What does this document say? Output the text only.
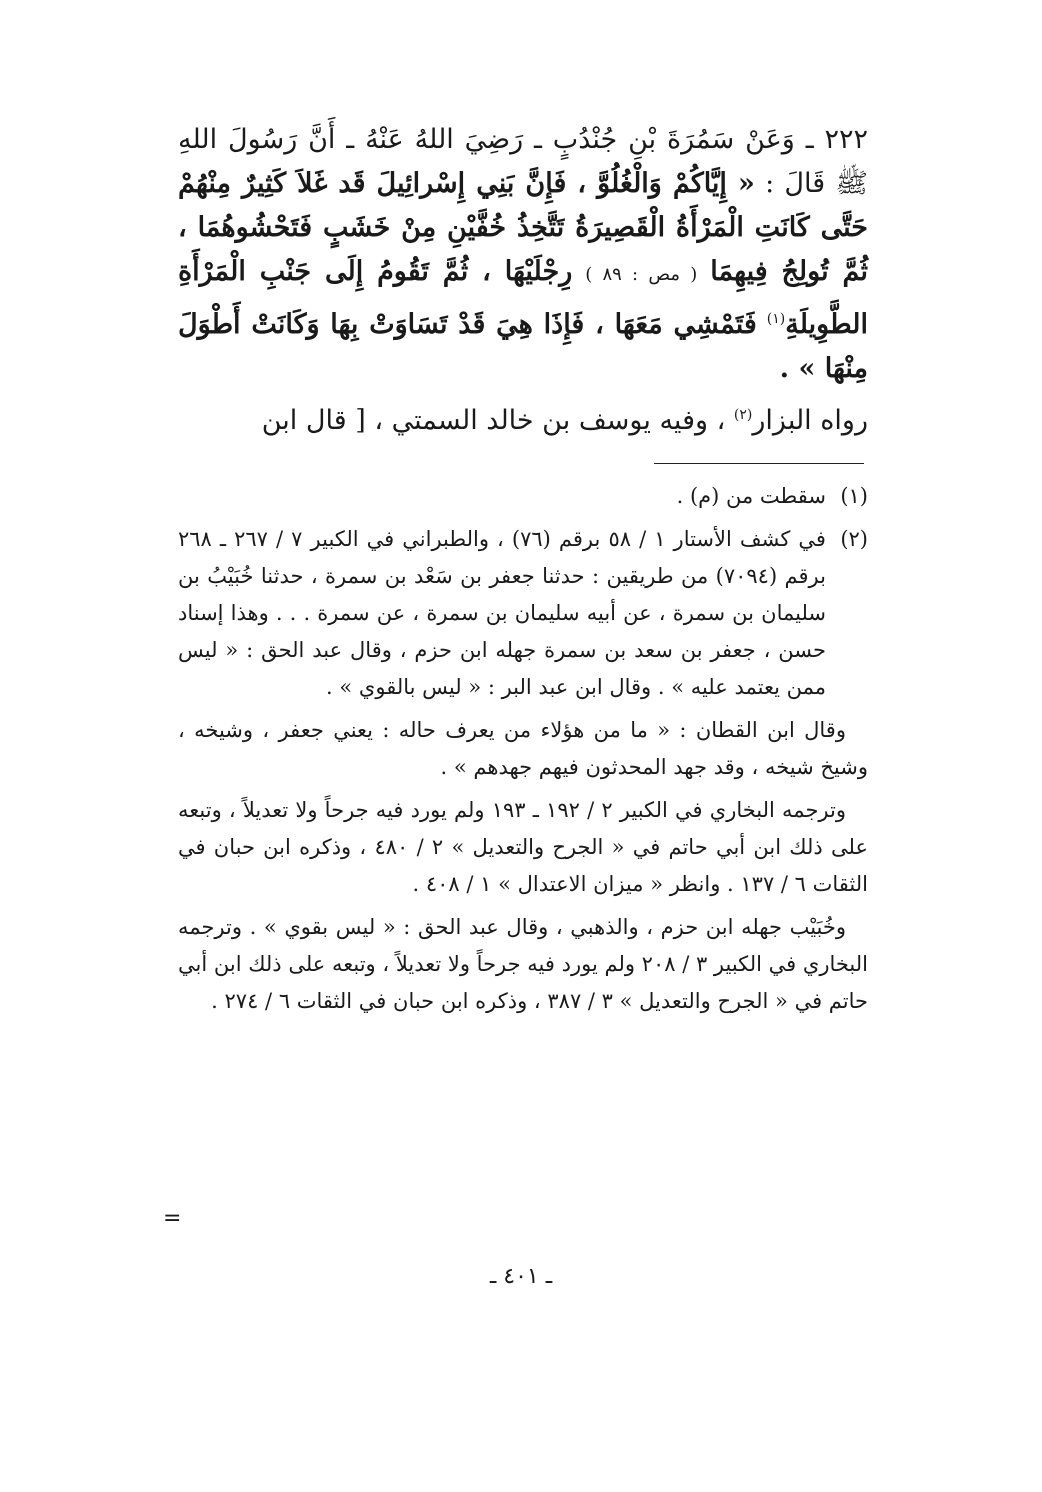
٢٢٢ ـ وَعَنْ سَمُرَةَ بْنِ جُنْدُبٍ ـ رَضِيَ اللهُ عَنْهُ ـ أَنَّ رَسُولَ اللهِ ﷺ قَالَ : « إِيَّاكُمْ وَالْغُلُوَّ ، فَإِنَّ بَنِي إِسْرائِيلَ قَد غَلاَ كَثِيرٌ مِنْهُمْ حَتَّى كَانَتِ الْمَرْأَةُ الْقَصِيرَةُ تَتَّخِذُ خُفَّيْنِ مِنْ خَشَبٍ فَتَحْشُوهُمَا ، ثُمَّ تُولِجُ فِيهِمَا ( مص : ٨٩ ) رِجْلَيْهَا ، ثُمَّ تَقُومُ إِلَى جَنْبِ الْمَرْأَةِ الطَّوِيلَةِ$^{(١)}$ فَتَمْشِي مَعَهَا ، فَإِذَا هِيَ قَدْ تَسَاوَتْ بِهَا وَكَانَتْ أَطْوَلَ مِنْهَا » .

رواه البزار$^{(٢)}$ ، وفيه يوسف بن خالد السمتي ، [ قال ابن

(١)
سقطت من (م) .

(٢)
في كشف الأستار ١ / ٥٨ برقم (٧٦) ، والطبراني في الكبير ٧ / ٢٦٧ ـ ٢٦٨ برقم (٧٠٩٤) من طريقين : حدثنا جعفر بن سَعْد بن سمرة ، حدثنا خُبَيْبُ بن سليمان بن سمرة ، عن أبيه سليمان بن سمرة ، عن سمرة . . . وهذا إسناد حسن ، جعفر بن سعد بن سمرة جهله ابن حزم ، وقال عبد الحق : « ليس ممن يعتمد عليه » . وقال ابن عبد البر : « ليس بالقوي » .

وقال ابن القطان : « ما من هؤلاء من يعرف حاله : يعني جعفر ، وشيخه ، وشيخ شيخه ، وقد جهد المحدثون فيهم جهدهم » .

وترجمه البخاري في الكبير ٢ / ١٩٢ ـ ١٩٣ ولم يورد فيه جرحاً ولا تعديلاً ، وتبعه على ذلك ابن أبي حاتم في « الجرح والتعديل » ٢ / ٤٨٠ ، وذكره ابن حبان في الثقات ٦ / ١٣٧ . وانظر « ميزان الاعتدال » ١ / ٤٠٨ .

وخُبَيْب جهله ابن حزم ، والذهبي ، وقال عبد الحق : « ليس بقوي » . وترجمه البخاري في الكبير ٣ / ٢٠٨ ولم يورد فيه جرحاً ولا تعديلاً ، وتبعه على ذلك ابن أبي حاتم في « الجرح والتعديل » ٣ / ٣٨٧ ، وذكره ابن حبان في الثقات ٦ / ٢٧٤ .

=
ـ ٤٠١ ـ
